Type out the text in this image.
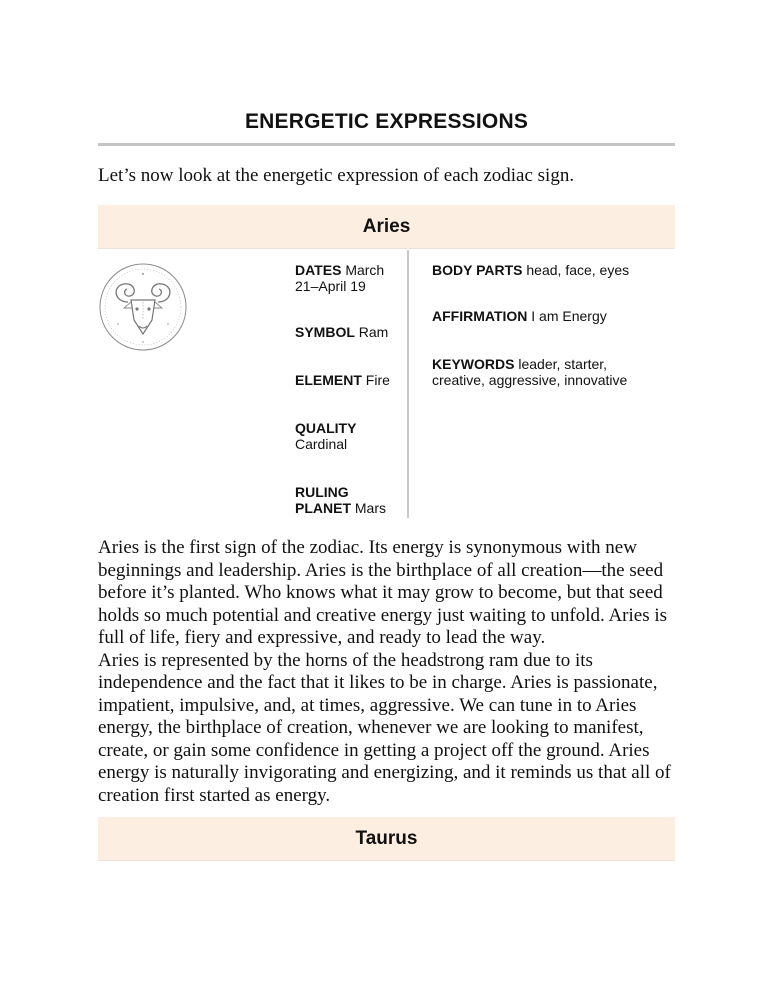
ENERGETIC EXPRESSIONS
Let’s now look at the energetic expression of each zodiac sign.
Aries
DATES March 21–April 19
SYMBOL Ram
ELEMENT Fire
QUALITY
Cardinal
RULING PLANET Mars
BODY PARTS head, face, eyes
AFFIRMATION I am Energy
KEYWORDS leader, starter, creative, aggressive, innovative
Aries is the first sign of the zodiac. Its energy is synonymous with new beginnings and leadership. Aries is the birthplace of all creation—the seed before it’s planted. Who knows what it may grow to become, but that seed holds so much potential and creative energy just waiting to unfold. Aries is full of life, fiery and expressive, and ready to lead the way.
Aries is represented by the horns of the headstrong ram due to its independence and the fact that it likes to be in charge. Aries is passionate, impatient, impulsive, and, at times, aggressive. We can tune in to Aries energy, the birthplace of creation, whenever we are looking to manifest, create, or gain some confidence in getting a project off the ground. Aries energy is naturally invigorating and energizing, and it reminds us that all of creation first started as energy.
Taurus
